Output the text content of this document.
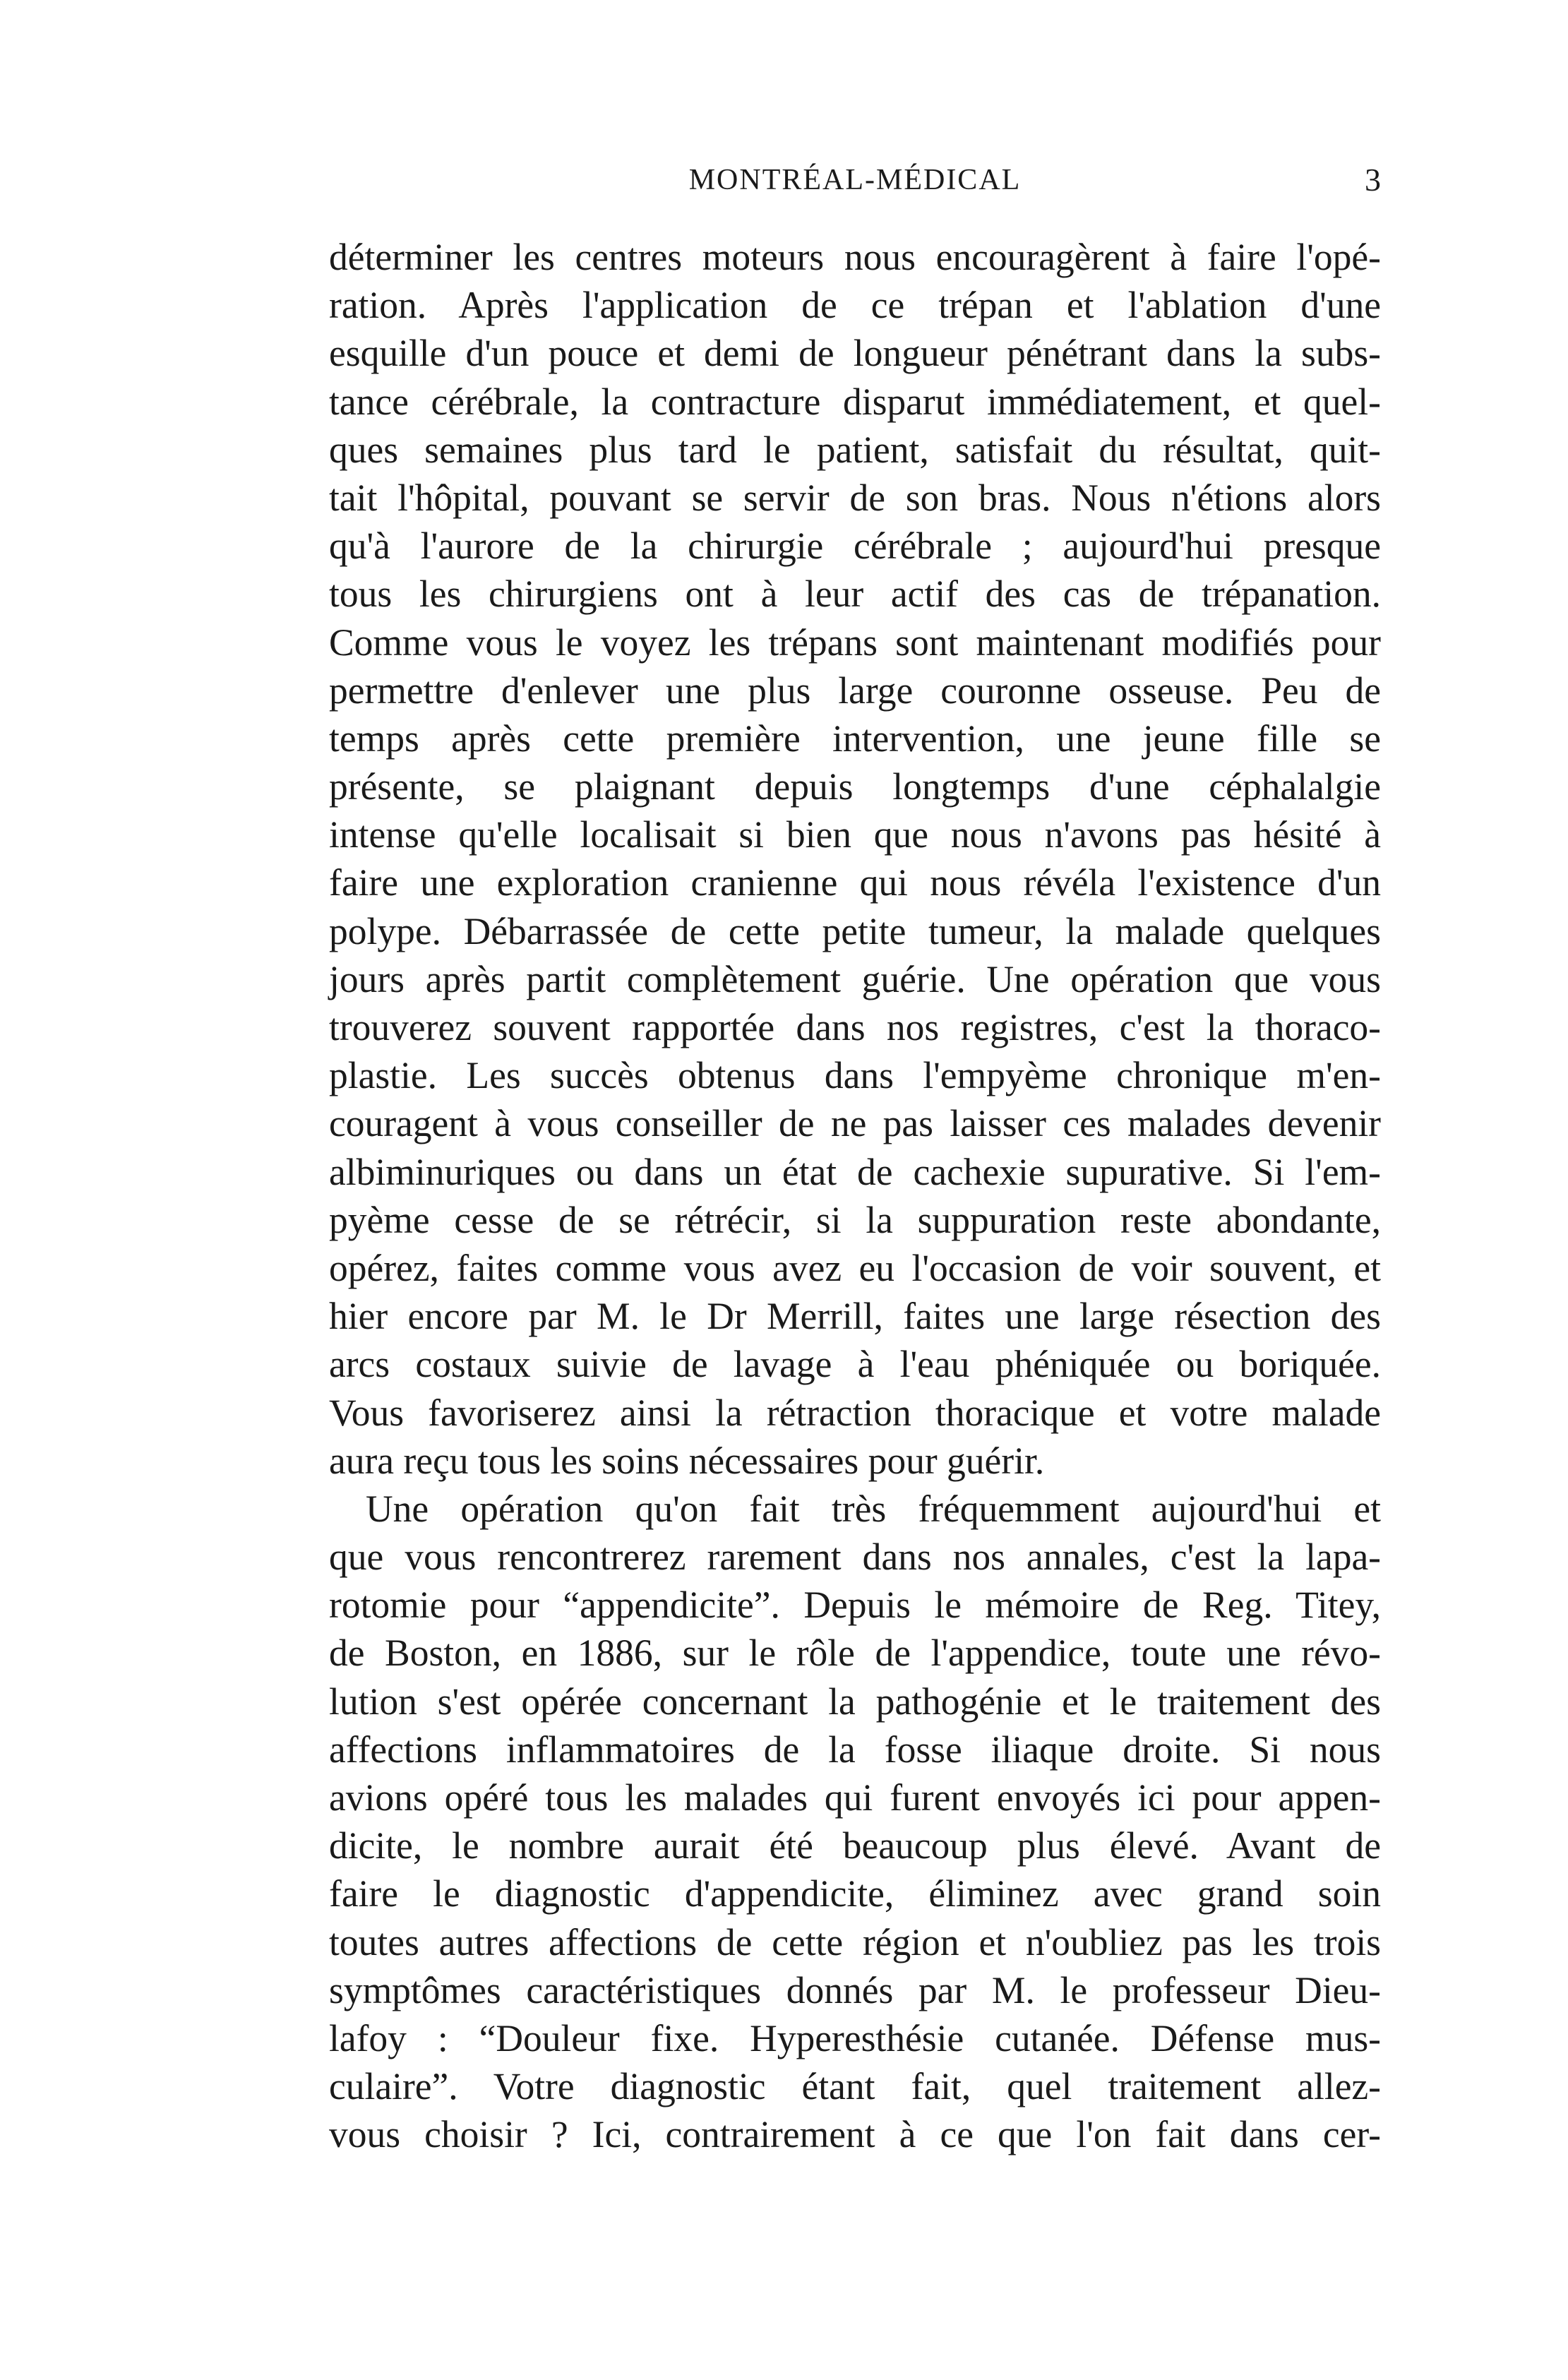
MONTRÉAL-MÉDICAL	3

déterminer les centres moteurs nous encouragèrent à faire l'opé-
ration. Après l'application de ce trépan et l'ablation d'une
esquille d'un pouce et demi de longueur pénétrant dans la subs-
tance cérébrale, la contracture disparut immédiatement, et quel-
ques semaines plus tard le patient, satisfait du résultat, quit-
tait l'hôpital, pouvant se servir de son bras. Nous n'étions alors
qu'à l'aurore de la chirurgie cérébrale ; aujourd'hui presque
tous les chirurgiens ont à leur actif des cas de trépanation.
Comme vous le voyez les trépans sont maintenant modifiés pour
permettre d'enlever une plus large couronne osseuse. Peu de
temps après cette première intervention, une jeune fille se
présente, se plaignant depuis longtemps d'une céphalalgie
intense qu'elle localisait si bien que nous n'avons pas hésité à
faire une exploration cranienne qui nous révéla l'existence d'un
polype. Débarrassée de cette petite tumeur, la malade quelques
jours après partit complètement guérie. Une opération que vous
trouverez souvent rapportée dans nos registres, c'est la thoraco-
plastie. Les succès obtenus dans l'empyème chronique m'en-
couragent à vous conseiller de ne pas laisser ces malades devenir
albiminuriques ou dans un état de cachexie supurative. Si l'em-
pyème cesse de se rétrécir, si la suppuration reste abondante,
opérez, faites comme vous avez eu l'occasion de voir souvent, et
hier encore par M. le Dr Merrill, faites une large résection des
arcs costaux suivie de lavage à l'eau phéniquée ou boriquée.
Vous favoriserez ainsi la rétraction thoracique et votre malade
aura reçu tous les soins nécessaires pour guérir.

Une opération qu'on fait très fréquemment aujourd'hui et
que vous rencontrerez rarement dans nos annales, c'est la lapa-
rotomie pour “appendicite”. Depuis le mémoire de Reg. Titey,
de Boston, en 1886, sur le rôle de l'appendice, toute une révo-
lution s'est opérée concernant la pathogénie et le traitement des
affections inflammatoires de la fosse iliaque droite. Si nous
avions opéré tous les malades qui furent envoyés ici pour appen-
dicite, le nombre aurait été beaucoup plus élevé. Avant de
faire le diagnostic d'appendicite, éliminez avec grand soin
toutes autres affections de cette région et n'oubliez pas les trois
symptômes caractéristiques donnés par M. le professeur Dieu-
lafoy : “Douleur fixe. Hyperesthésie cutanée. Défense mus-
culaire”. Votre diagnostic étant fait, quel traitement allez-
vous choisir ? Ici, contrairement à ce que l'on fait dans cer-
